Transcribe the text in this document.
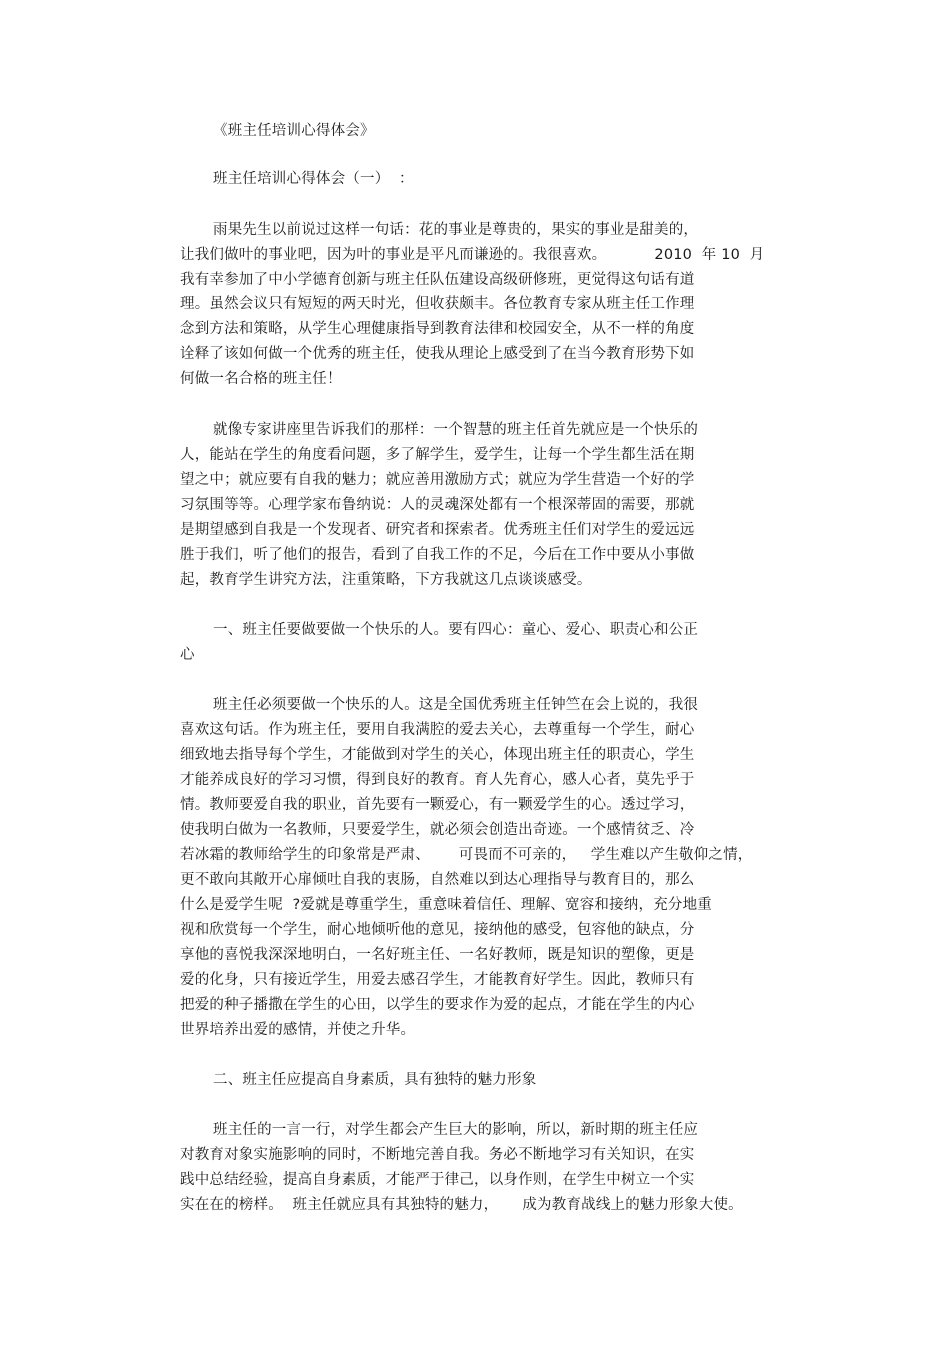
《班主任培训心得体会》
班主任培训心得体会（一）  ：
雨果先生以前说过这样一句话：花的事业是尊贵的，果实的事业是甜美的，
让我们做叶的事业吧，因为叶的事业是平凡而谦逊的。我很喜欢。          2010  年 10  月
我有幸参加了中小学德育创新与班主任队伍建设高级研修班，更觉得这句话有道
理。虽然会议只有短短的两天时光，但收获颇丰。各位教育专家从班主任工作理
念到方法和策略，从学生心理健康指导到教育法律和校园安全，从不一样的角度
诠释了该如何做一个优秀的班主任，使我从理论上感受到了在当今教育形势下如
何做一名合格的班主任！
就像专家讲座里告诉我们的那样：一个智慧的班主任首先就应是一个快乐的
人，能站在学生的角度看问题，多了解学生，爱学生，让每一个学生都生活在期
望之中；就应要有自我的魅力；就应善用激励方式；就应为学生营造一个好的学
习氛围等等。心理学家布鲁纳说：人的灵魂深处都有一个根深蒂固的需要，那就
是期望感到自我是一个发现者、研究者和探索者。优秀班主任们对学生的爱远远
胜于我们，听了他们的报告，看到了自我工作的不足，今后在工作中要从小事做
起，教育学生讲究方法，注重策略，下方我就这几点谈谈感受。
一、班主任要做要做一个快乐的人。要有四心：童心、爱心、职责心和公正
心
班主任必须要做一个快乐的人。这是全国优秀班主任钟竺在会上说的，我很
喜欢这句话。作为班主任，要用自我满腔的爱去关心，去尊重每一个学生，耐心
细致地去指导每个学生，才能做到对学生的关心，体现出班主任的职责心，学生
才能养成良好的学习习惯，得到良好的教育。育人先育心，感人心者，莫先乎于
情。教师要爱自我的职业，首先要有一颗爱心，有一颗爱学生的心。透过学习，
使我明白做为一名教师，只要爱学生，就必须会创造出奇迹。一个感情贫乏、冷
若冰霜的教师给学生的印象常是严肃、      可畏而不可亲的，   学生难以产生敬仰之情，
更不敢向其敞开心扉倾吐自我的衷肠，自然难以到达心理指导与教育目的，那么
什么是爱学生呢  ?爱就是尊重学生，重意味着信任、理解、宽容和接纳，充分地重
视和欣赏每一个学生，耐心地倾听他的意见，接纳他的感受，包容他的缺点，分
享他的喜悦我深深地明白，一名好班主任、一名好教师，既是知识的塑像，更是
爱的化身，只有接近学生，用爱去感召学生，才能教育好学生。因此，教师只有
把爱的种子播撒在学生的心田，以学生的要求作为爱的起点，才能在学生的内心
世界培养出爱的感情，并使之升华。
二、班主任应提高自身素质，具有独特的魅力形象
班主任的一言一行，对学生都会产生巨大的影响，所以，新时期的班主任应
对教育对象实施影响的同时，不断地完善自我。务必不断地学习有关知识，在实
践中总结经验，提高自身素质，才能严于律己，以身作则，在学生中树立一个实
实在在的榜样。  班主任就应具有其独特的魅力，     成为教育战线上的魅力形象大使。
